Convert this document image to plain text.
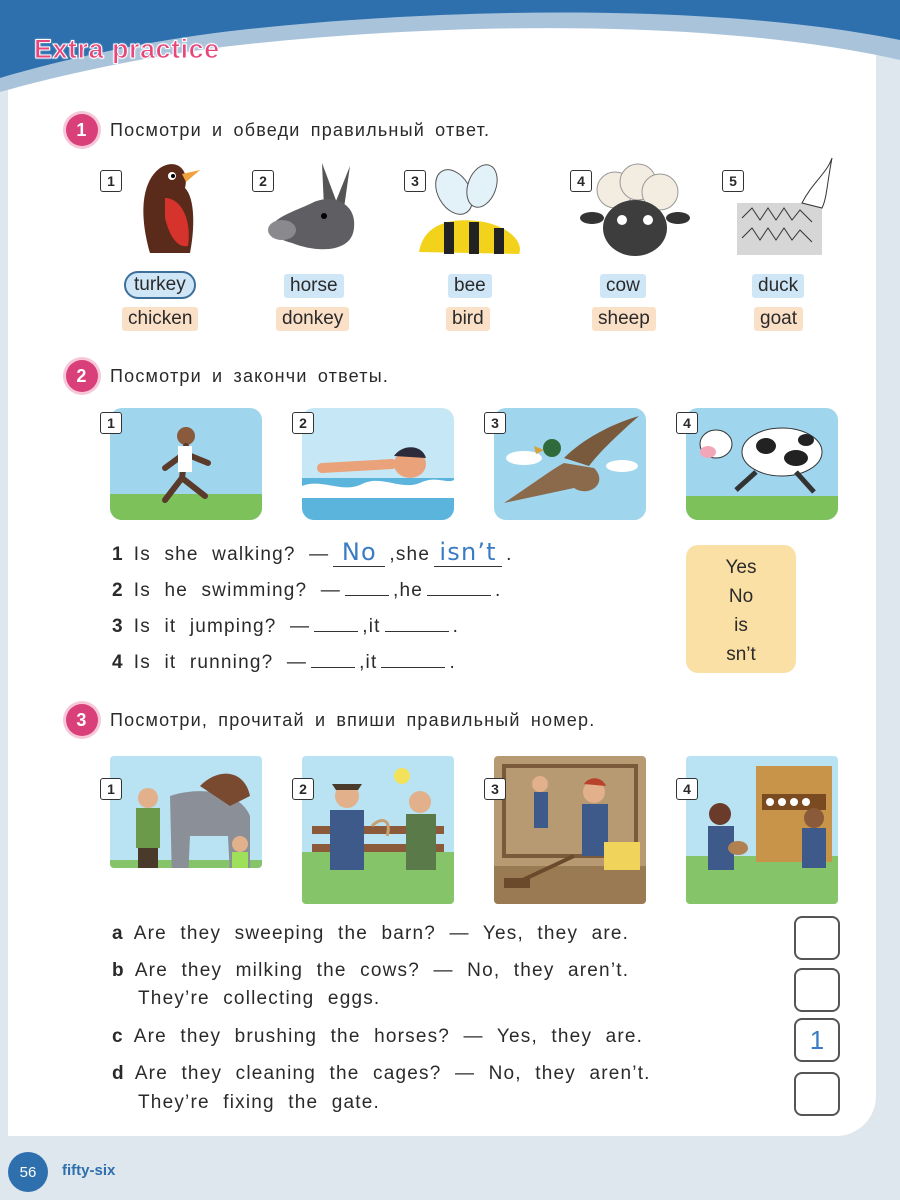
Extra practice
1	Посмотри и обведи правильный ответ.
1	2	3	4	5
turkey
chicken
horse
donkey
bee
bird
cow
sheep
duck
goat
2	Посмотри и закончи ответы.
1	2	3	4
1 Is she walking?
— No , she isn’t .
2 Is he swimming?
—	, he	.
3 Is it jumping?
—	, it	.
4 Is it running?
—	, it	.
Yes
No
is
sn’t
3	Посмотри, прочитай и впиши правильный номер.
1	2	3	4
a Are they sweeping the barn? — Yes, they are.
b Are they milking the cows? — No, they aren’t.
They’re collecting eggs.
c Are they brushing the horses? — Yes, they are.
d Are they cleaning the cages? — No, they aren’t.
They’re fixing the gate.
1
56	fifty-six
